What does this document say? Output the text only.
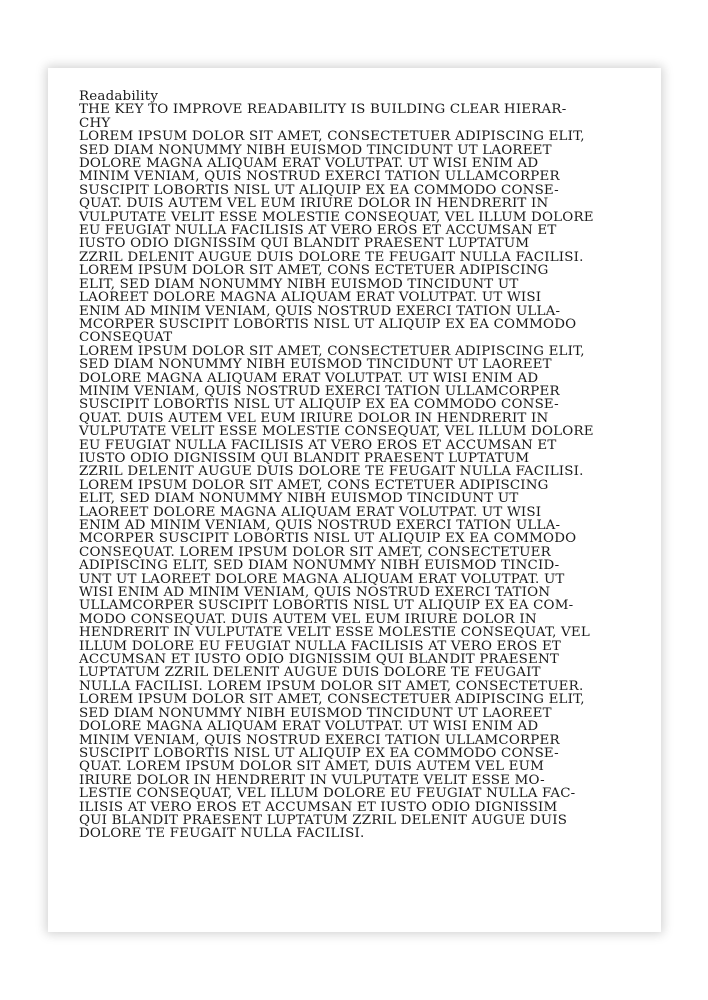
Readability
THE KEY TO IMPROVE READABILITY IS BUILDING CLEAR HIERAR-
CHY
LOREM IPSUM DOLOR SIT AMET, CONSECTETUER ADIPISCING ELIT,
SED DIAM NONUMMY NIBH EUISMOD TINCIDUNT UT LAOREET
DOLORE MAGNA ALIQUAM ERAT VOLUTPAT. UT WISI ENIM AD
MINIM VENIAM, QUIS NOSTRUD EXERCI TATION ULLAMCORPER
SUSCIPIT LOBORTIS NISL UT ALIQUIP EX EA COMMODO CONSE-
QUAT. DUIS AUTEM VEL EUM IRIURE DOLOR IN HENDRERIT IN
VULPUTATE VELIT ESSE MOLESTIE CONSEQUAT, VEL ILLUM DOLORE
EU FEUGIAT NULLA FACILISIS AT VERO EROS ET ACCUMSAN ET
IUSTO ODIO DIGNISSIM QUI BLANDIT PRAESENT LUPTATUM
ZZRIL DELENIT AUGUE DUIS DOLORE TE FEUGAIT NULLA FACILISI.
LOREM IPSUM DOLOR SIT AMET, CONS ECTETUER ADIPISCING
ELIT, SED DIAM NONUMMY NIBH EUISMOD TINCIDUNT UT
LAOREET DOLORE MAGNA ALIQUAM ERAT VOLUTPAT. UT WISI
ENIM AD MINIM VENIAM, QUIS NOSTRUD EXERCI TATION ULLA-
MCORPER SUSCIPIT LOBORTIS NISL UT ALIQUIP EX EA COMMODO
CONSEQUAT
LOREM IPSUM DOLOR SIT AMET, CONSECTETUER ADIPISCING ELIT,
SED DIAM NONUMMY NIBH EUISMOD TINCIDUNT UT LAOREET
DOLORE MAGNA ALIQUAM ERAT VOLUTPAT. UT WISI ENIM AD
MINIM VENIAM, QUIS NOSTRUD EXERCI TATION ULLAMCORPER
SUSCIPIT LOBORTIS NISL UT ALIQUIP EX EA COMMODO CONSE-
QUAT. DUIS AUTEM VEL EUM IRIURE DOLOR IN HENDRERIT IN
VULPUTATE VELIT ESSE MOLESTIE CONSEQUAT, VEL ILLUM DOLORE
EU FEUGIAT NULLA FACILISIS AT VERO EROS ET ACCUMSAN ET
IUSTO ODIO DIGNISSIM QUI BLANDIT PRAESENT LUPTATUM
ZZRIL DELENIT AUGUE DUIS DOLORE TE FEUGAIT NULLA FACILISI.
LOREM IPSUM DOLOR SIT AMET, CONS ECTETUER ADIPISCING
ELIT, SED DIAM NONUMMY NIBH EUISMOD TINCIDUNT UT
LAOREET DOLORE MAGNA ALIQUAM ERAT VOLUTPAT. UT WISI
ENIM AD MINIM VENIAM, QUIS NOSTRUD EXERCI TATION ULLA-
MCORPER SUSCIPIT LOBORTIS NISL UT ALIQUIP EX EA COMMODO
CONSEQUAT. LOREM IPSUM DOLOR SIT AMET, CONSECTETUER
ADIPISCING ELIT, SED DIAM NONUMMY NIBH EUISMOD TINCID-
UNT UT LAOREET DOLORE MAGNA ALIQUAM ERAT VOLUTPAT. UT
WISI ENIM AD MINIM VENIAM, QUIS NOSTRUD EXERCI TATION
ULLAMCORPER SUSCIPIT LOBORTIS NISL UT ALIQUIP EX EA COM-
MODO CONSEQUAT. DUIS AUTEM VEL EUM IRIURE DOLOR IN
HENDRERIT IN VULPUTATE VELIT ESSE MOLESTIE CONSEQUAT, VEL
ILLUM DOLORE EU FEUGIAT NULLA FACILISIS AT VERO EROS ET
ACCUMSAN ET IUSTO ODIO DIGNISSIM QUI BLANDIT PRAESENT
LUPTATUM ZZRIL DELENIT AUGUE DUIS DOLORE TE FEUGAIT
NULLA FACILISI. LOREM IPSUM DOLOR SIT AMET, CONSECTETUER.
LOREM IPSUM DOLOR SIT AMET, CONSECTETUER ADIPISCING ELIT,
SED DIAM NONUMMY NIBH EUISMOD TINCIDUNT UT LAOREET
DOLORE MAGNA ALIQUAM ERAT VOLUTPAT. UT WISI ENIM AD
MINIM VENIAM, QUIS NOSTRUD EXERCI TATION ULLAMCORPER
SUSCIPIT LOBORTIS NISL UT ALIQUIP EX EA COMMODO CONSE-
QUAT. LOREM IPSUM DOLOR SIT AMET, DUIS AUTEM VEL EUM
IRIURE DOLOR IN HENDRERIT IN VULPUTATE VELIT ESSE MO-
LESTIE CONSEQUAT, VEL ILLUM DOLORE EU FEUGIAT NULLA FAC-
ILISIS AT VERO EROS ET ACCUMSAN ET IUSTO ODIO DIGNISSIM
QUI BLANDIT PRAESENT LUPTATUM ZZRIL DELENIT AUGUE DUIS
DOLORE TE FEUGAIT NULLA FACILISI.
